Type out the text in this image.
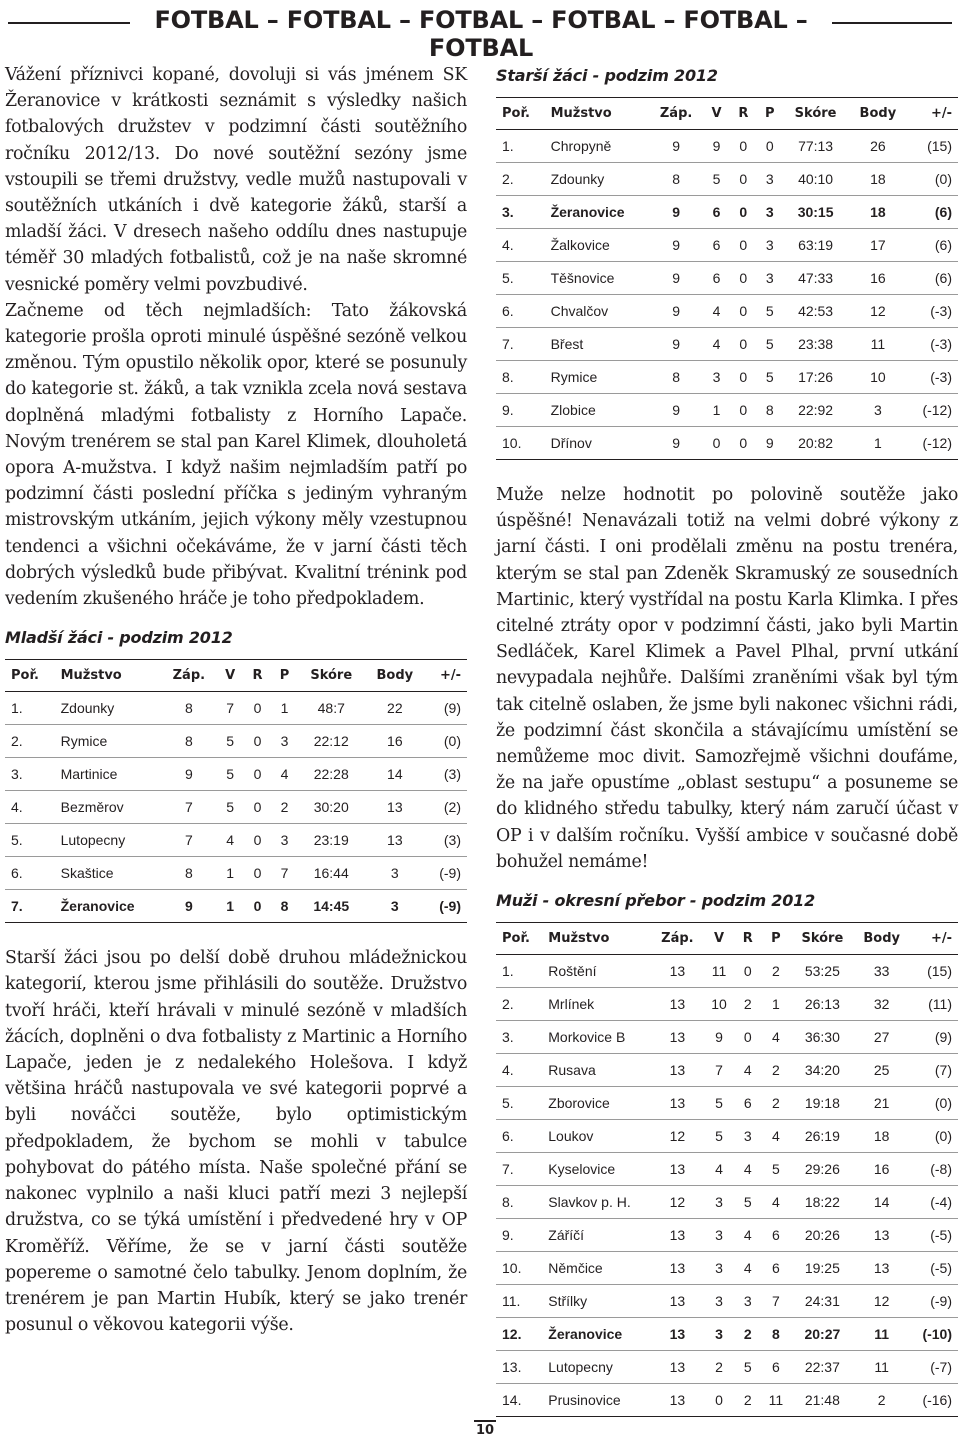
FOTBAL – FOTBAL – FOTBAL – FOTBAL – FOTBAL – FOTBAL

Vážení příznivci kopané, dovoluji si vás jménem SK Žeranovice v krátkosti seznámit s výsledky našich fotbalových družstev v podzimní části soutěžního ročníku 2012/13. Do nové soutěžní sezóny jsme vstoupili se třemi družstvy, vedle mužů nastupovali v soutěžních utkáních i dvě kategorie žáků, starší a mladší žáci. V dresech našeho oddílu dnes nastupuje téměř 30 mladých fotbalistů, což je na naše skromné vesnické poměry velmi povzbudivé.

Začneme od těch nejmladších: Tato žákovská kategorie prošla oproti minulé úspěšné sezóně velkou změnou. Tým opustilo několik opor, které se posunuly do kategorie st. žáků, a tak vznikla zcela nová sestava doplněná mladými fotbalisty z Horního Lapače. Novým trenérem se stal pan Karel Klimek, dlouholetá opora A-mužstva. I když našim nejmladším patří po podzimní části poslední příčka s jediným vyhraným mistrovským utkáním, jejich výkony měly vzestupnou tendenci a všichni očekáváme, že v jarní části těch dobrých výsledků bude přibývat. Kvalitní trénink pod vedením zkušeného hráče je toho předpokladem.

Mladší žáci - podzim 2012
Poř.	Mužstvo	Záp.	V	R	P	Skóre	Body	+/-
1.	Zdounky	8	7	0	1	48:7	22	(9)
2.	Rymice	8	5	0	3	22:12	16	(0)
3.	Martinice	9	5	0	4	22:28	14	(3)
4.	Bezměrov	7	5	0	2	30:20	13	(2)
5.	Lutopecny	7	4	0	3	23:19	13	(3)
6.	Skaštice	8	1	0	7	16:44	3	(-9)
7.	Žeranovice	9	1	0	8	14:45	3	(-9)

Starší žáci jsou po delší době druhou mládežnickou kategorií, kterou jsme přihlásili do soutěže. Družstvo tvoří hráči, kteří hrávali v minulé sezóně v mladších žácích, doplněni o dva fotbalisty z Martinic a Horního Lapače, jeden je z nedalekého Holešova. I když většina hráčů nastupovala ve své kategorii poprvé a byli nováčci soutěže, bylo optimistickým předpokladem, že bychom se mohli v tabulce pohybovat do pátého místa. Naše společné přání se nakonec vyplnilo a naši kluci patří mezi 3 nejlepší družstva, co se týká umístění i předvedené hry v OP Kroměříž. Věříme, že se v jarní části soutěže popereme o samotné čelo tabulky. Jenom doplním, že trenérem je pan Martin Hubík, který se jako trenér posunul o věkovou kategorii výše.

Starší žáci - podzim 2012
Poř.	Mužstvo	Záp.	V	R	P	Skóre	Body	+/-
1.	Chropyně	9	9	0	0	77:13	26	(15)
2.	Zdounky	8	5	0	3	40:10	18	(0)
3.	Žeranovice	9	6	0	3	30:15	18	(6)
4.	Žalkovice	9	6	0	3	63:19	17	(6)
5.	Těšnovice	9	6	0	3	47:33	16	(6)
6.	Chvalčov	9	4	0	5	42:53	12	(-3)
7.	Břest	9	4	0	5	23:38	11	(-3)
8.	Rymice	8	3	0	5	17:26	10	(-3)
9.	Zlobice	9	1	0	8	22:92	3	(-12)
10.	Dřínov	9	0	0	9	20:82	1	(-12)

Muže nelze hodnotit po polovině soutěže jako úspěšné! Nenavázali totiž na velmi dobré výkony z jarní části. I oni prodělali změnu na postu trenéra, kterým se stal pan Zdeněk Skramuský ze sousedních Martinic, který vystřídal na postu Karla Klimka. I přes citelné ztráty opor v podzimní části, jako byli Martin Sedláček, Karel Klimek a Pavel Plhal, první utkání nevypadala nejhůře. Dalšími zraněními však byl tým tak citelně oslaben, že jsme byli nakonec všichni rádi, že podzimní část skončila a stávajícímu umístění se nemůžeme moc divit. Samozřejmě všichni doufáme, že na jaře opustíme „oblast sestupu“ a posuneme se do klidného středu tabulky, který nám zaručí účast v OP i v dalším ročníku. Vyšší ambice v současné době bohužel nemáme!

Muži - okresní přebor - podzim 2012
Poř.	Mužstvo	Záp.	V	R	P	Skóre	Body	+/-
1.	Roštění	13	11	0	2	53:25	33	(15)
2.	Mrlínek	13	10	2	1	26:13	32	(11)
3.	Morkovice B	13	9	0	4	36:30	27	(9)
4.	Rusava	13	7	4	2	34:20	25	(7)
5.	Zborovice	13	5	6	2	19:18	21	(0)
6.	Loukov	12	5	3	4	26:19	18	(0)
7.	Kyselovice	13	4	4	5	29:26	16	(-8)
8.	Slavkov p. H.	12	3	5	4	18:22	14	(-4)
9.	Záříčí	13	3	4	6	20:26	13	(-5)
10.	Němčice	13	3	4	6	19:25	13	(-5)
11.	Střílky	13	3	3	7	24:31	12	(-9)
12.	Žeranovice	13	3	2	8	20:27	11	(-10)
13.	Lutopecny	13	2	5	6	22:37	11	(-7)
14.	Prusinovice	13	0	2	11	21:48	2	(-16)
10
